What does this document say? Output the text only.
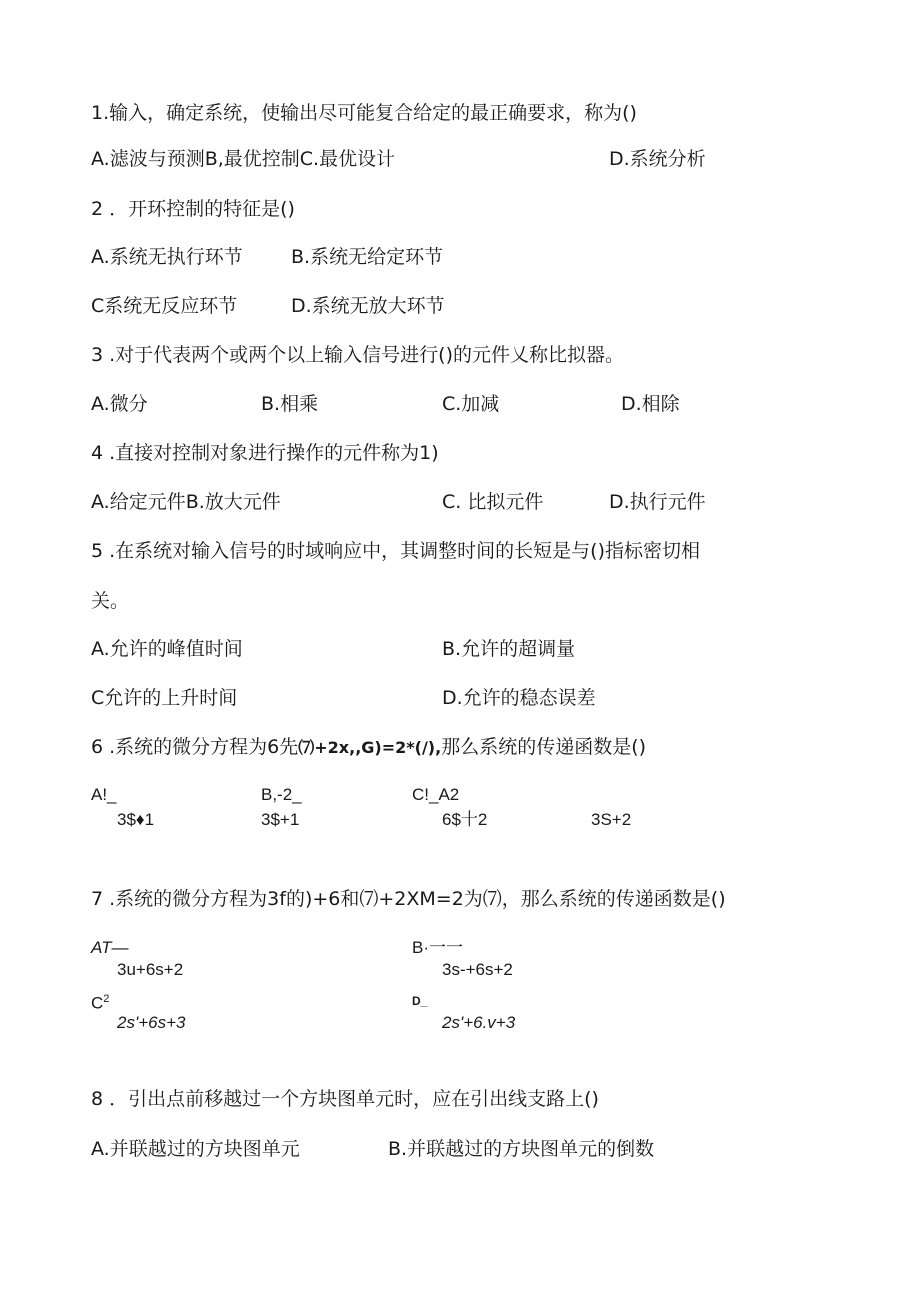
1.输入，确定系统，使输出尽可能复合给定的最正确要求，称为()
A.滤波与预测B,最优控制C.最优设计	D.系统分析
2 ．开环控制的特征是()
A.系统无执行环节	B.系统无给定环节
C系统无反应环节	D.系统无放大环节
3 .对于代表两个或两个以上输入信号进行()的元件乂称比拟器。
A.微分	B.相乘	C.加减	D.相除
4 .直接对控制对象进行操作的元件称为1)
A.给定元件B.放大元件	C. 比拟元件	D.执行元件
5 .在系统对输入信号的时域响应中，其调整时间的长短是与()指标密切相
关。
A.允许的峰值时间	B.允许的超调量
C允许的上升时间	D.允许的稳态误差
6 .系统的微分方程为6先⑺+2x,,G)=2*(/),那么系统的传递函数是()
A!_	B,-2_	C!_A2
3$♦1	3$+1	6$十2	3S+2
7 .系统的微分方程为3f的)+6和⑺+2XM=2为⑺，那么系统的传递函数是()
AT—
3u+6s+2
B·一一
3s-+6s+2
$C^2$
2s'+6s+3
D_
2s'+6.v+3
8 ．引出点前移越过一个方块图单元时，应在引出线支路上()
A.并联越过的方块图单元	B.并联越过的方块图单元的倒数
